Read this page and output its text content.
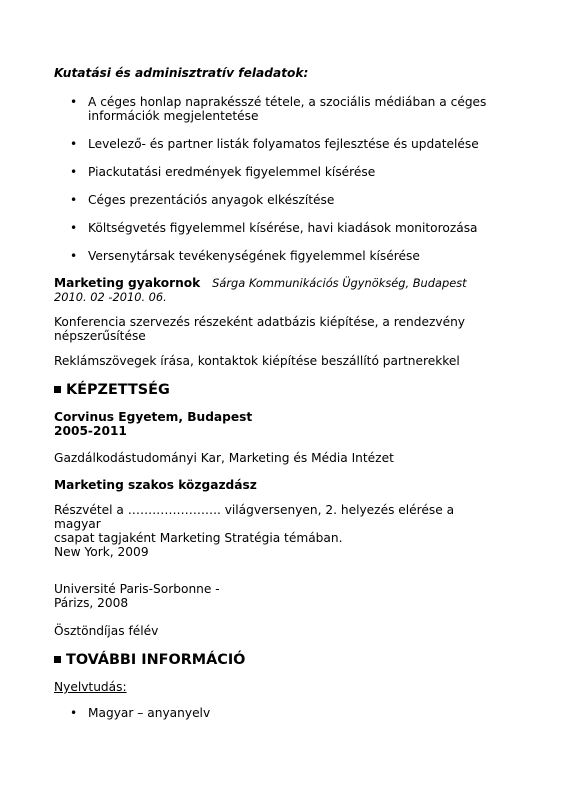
Kutatási és adminisztratív feladatok:
• A céges honlap naprakésszé tétele, a szociális médiában a céges
információk megjelentetése
• Levelező- és partner listák folyamatos fejlesztése és updatelése
• Piackutatási eredmények figyelemmel kísérése
• Céges prezentációs anyagok elkészítése
• Költségvetés figyelemmel kísérése, havi kiadások monitorozása
• Versenytársak tevékenységének figyelemmel kísérése
Marketing gyakornok Sárga Kommunikációs Ügynökség, Budapest
2010. 02 -2010. 06.
Konferencia szervezés részeként adatbázis kiépítése, a rendezvény
népszerűsítése
Reklámszövegek írása, kontaktok kiépítése beszállító partnerekkel
KÉPZETTSÉG
Corvinus Egyetem, Budapest
2005-2011
Gazdálkodástudományi Kar, Marketing és Média Intézet
Marketing szakos közgazdász
Részvétel a ………………….. világversenyen, 2. helyezés elérése a magyar
csapat tagjaként Marketing Stratégia témában.
New York, 2009
Université Paris-Sorbonne -
Párizs, 2008
Ösztöndíjas félév
TOVÁBBI INFORMÁCIÓ
Nyelvtudás:
• Magyar – anyanyelv
